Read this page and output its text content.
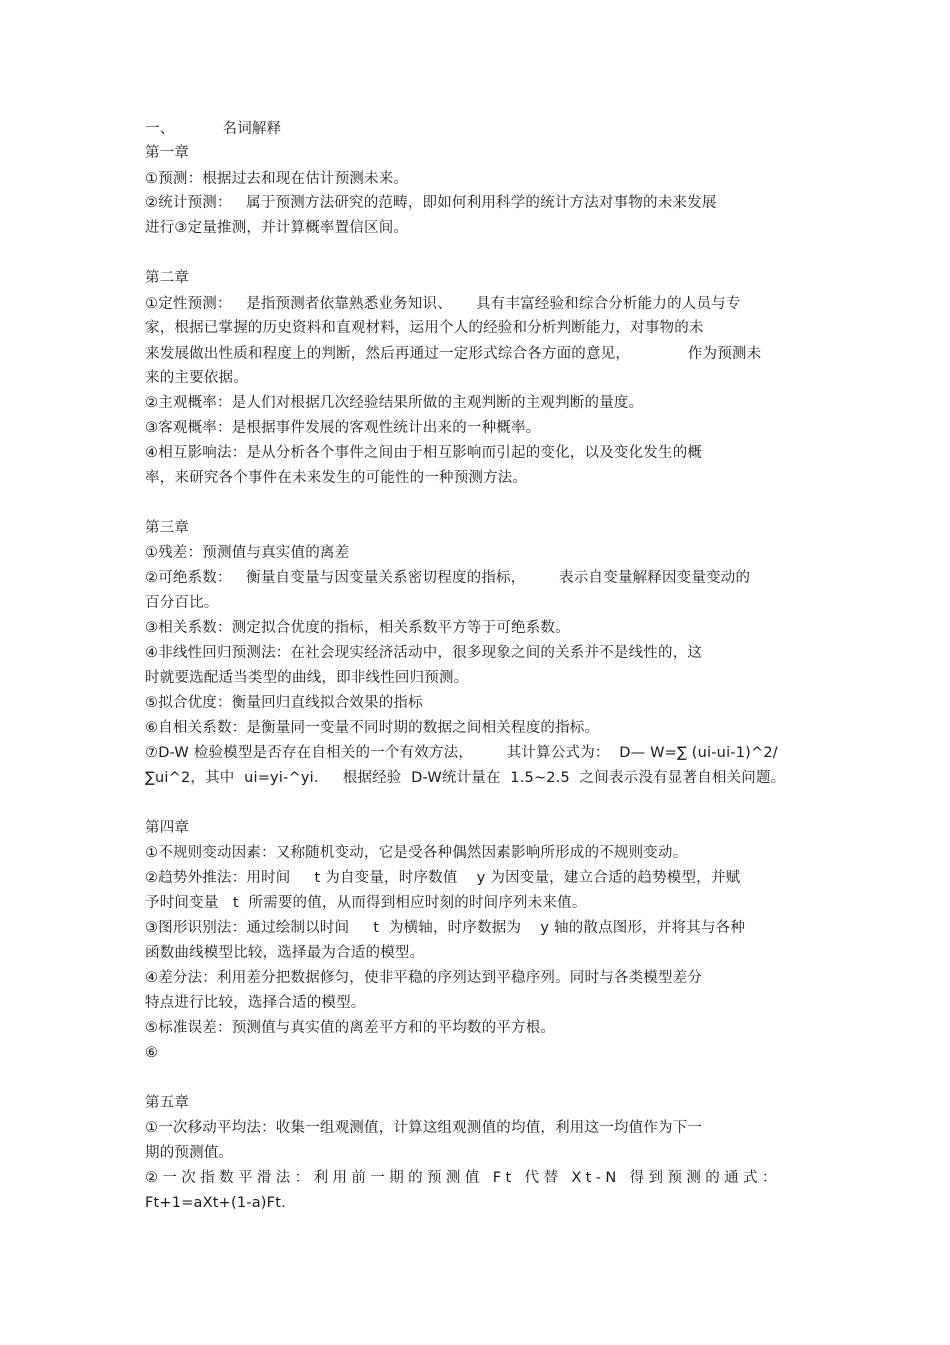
一、          名词解释
第一章
①预测：根据过去和现在估计预测未来。
②统计预测：   属于预测方法研究的范畴，即如何利用科学的统计方法对事物的未来发展
进行③定量推测，并计算概率置信区间。
第二章
①定性预测：   是指预测者依靠熟悉业务知识、     具有丰富经验和综合分析能力的人员与专
家，根据已掌握的历史资料和直观材料，运用个人的经验和分析判断能力，对事物的未
来发展做出性质和程度上的判断，然后再通过一定形式综合各方面的意见，            作为预测未
来的主要依据。
②主观概率：是人们对根据几次经验结果所做的主观判断的主观判断的量度。
③客观概率：是根据事件发展的客观性统计出来的一种概率。
④相互影响法：是从分析各个事件之间由于相互影响而引起的变化，以及变化发生的概
率，来研究各个事件在未来发生的可能性的一种预测方法。
第三章
①残差：预测值与真实值的离差
②可绝系数：   衡量自变量与因变量关系密切程度的指标，       表示自变量解释因变量变动的
百分百比。
③相关系数：测定拟合优度的指标，相关系数平方等于可绝系数。
④非线性回归预测法：在社会现实经济活动中，很多现象之间的关系并不是线性的，这
时就要选配适当类型的曲线，即非线性回归预测。
⑤拟合优度：衡量回归直线拟合效果的指标
⑥自相关系数：是衡量同一变量不同时期的数据之间相关程度的指标。
⑦D-W 检验模型是否存在自相关的一个有效方法，       其计算公式为：  D— W=∑ (ui-ui-1)^2/
∑ui^2，其中  ui=yi-^yi.     根据经验  D-W统计量在  1.5~2.5  之间表示没有显著自相关问题。
第四章
①不规则变动因素：又称随机变动，它是受各种偶然因素影响所形成的不规则变动。
②趋势外推法：用时间     t 为自变量，时序数值    y 为因变量，建立合适的趋势模型，并赋
予时间变量   t  所需要的值，从而得到相应时刻的时间序列未来值。
③图形识别法：通过绘制以时间     t  为横轴，时序数据为    y 轴的散点图形，并将其与各种
函数曲线模型比较，选择最为合适的模型。
④差分法：利用差分把数据修匀，使非平稳的序列达到平稳序列。同时与各类模型差分
特点进行比较，选择合适的模型。
⑤标准误差：预测值与真实值的离差平方和的平均数的平方根。
⑥
第五章
①一次移动平均法：收集一组观测值，计算这组观测值的均值，利用这一均值作为下一
期的预测值。
②一次指数平滑法：利用前一期的预测值 Ft 代替 Xt-N 得到预测的通式：
Ft+1=aXt+(1-a)Ft.
